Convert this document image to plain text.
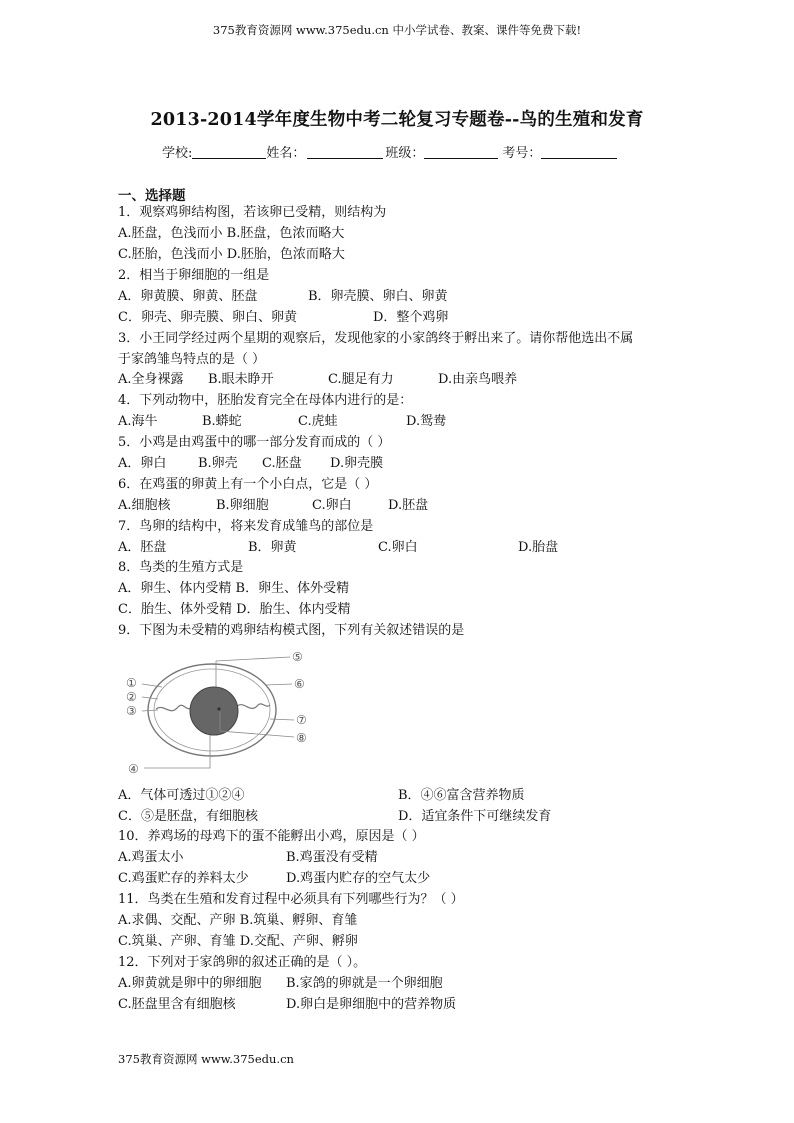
375教育资源网 www.375edu.cn 中小学试卷、教案、课件等免费下载!
2013-2014学年度生物中考二轮复习专题卷--鸟的生殖和发育
学校:	姓名：	班级：	考号：
一、选择题
1．观察鸡卵结构图，若该卵已受精，则结构为
A.胚盘，色浅而小 B.胚盘，色浓而略大
C.胚胎，色浅而小 D.胚胎，色浓而略大
2．相当于卵细胞的一组是
A．卵黄膜、卵黄、胚盘	B．卵壳膜、卵白、卵黄
C．卵壳、卵壳膜、卵白、卵黄	D．整个鸡卵
3．小王同学经过两个星期的观察后，发现他家的小家鸽终于孵出来了。请你帮他选出不属
于家鸽雏鸟特点的是（ ）
A.全身裸露 B.眼未睁开	C.腿足有力	D.由亲鸟喂养
4．下列动物中，胚胎发育完全在母体内进行的是：
A.海牛	B.蟒蛇	C.虎蛙	D.鸳鸯
5．小鸡是由鸡蛋中的哪一部分发育而成的（ ）
A．卵白 B.卵壳 C.胚盘 D.卵壳膜
6．在鸡蛋的卵黄上有一个小白点，它是（ ）
A.细胞核	B.卵细胞	C.卵白	D.胚盘
7．鸟卵的结构中，将来发育成雏鸟的部位是
A．胚盘	B．卵黄	C.卵白	D.胎盘
8．鸟类的生殖方式是
A．卵生、体内受精 B．卵生、体外受精
C．胎生、体外受精 D．胎生、体内受精
9．下图为未受精的鸡卵结构模式图，下列有关叙述错误的是
①
②
③
④
⑤
⑥
⑦
⑧
A．气体可透过①②④	B．④⑥富含营养物质
C．⑤是胚盘，有细胞核	D．适宜条件下可继续发育
10．养鸡场的母鸡下的蛋不能孵出小鸡，原因是（ ）
A.鸡蛋太小	B.鸡蛋没有受精
C.鸡蛋贮存的养料太少	D.鸡蛋内贮存的空气太少
11．鸟类在生殖和发育过程中必须具有下列哪些行为？（ ）
A.求偶、交配、产卵 B.筑巢、孵卵、育雏
C.筑巢、产卵、育雏 D.交配、产卵、孵卵
12．下列对于家鸽卵的叙述正确的是（ ）。
A.卵黄就是卵中的卵细胞 B.家鸽的卵就是一个卵细胞
C.胚盘里含有细胞核	D.卵白是卵细胞中的营养物质
375教育资源网 www.375edu.cn
